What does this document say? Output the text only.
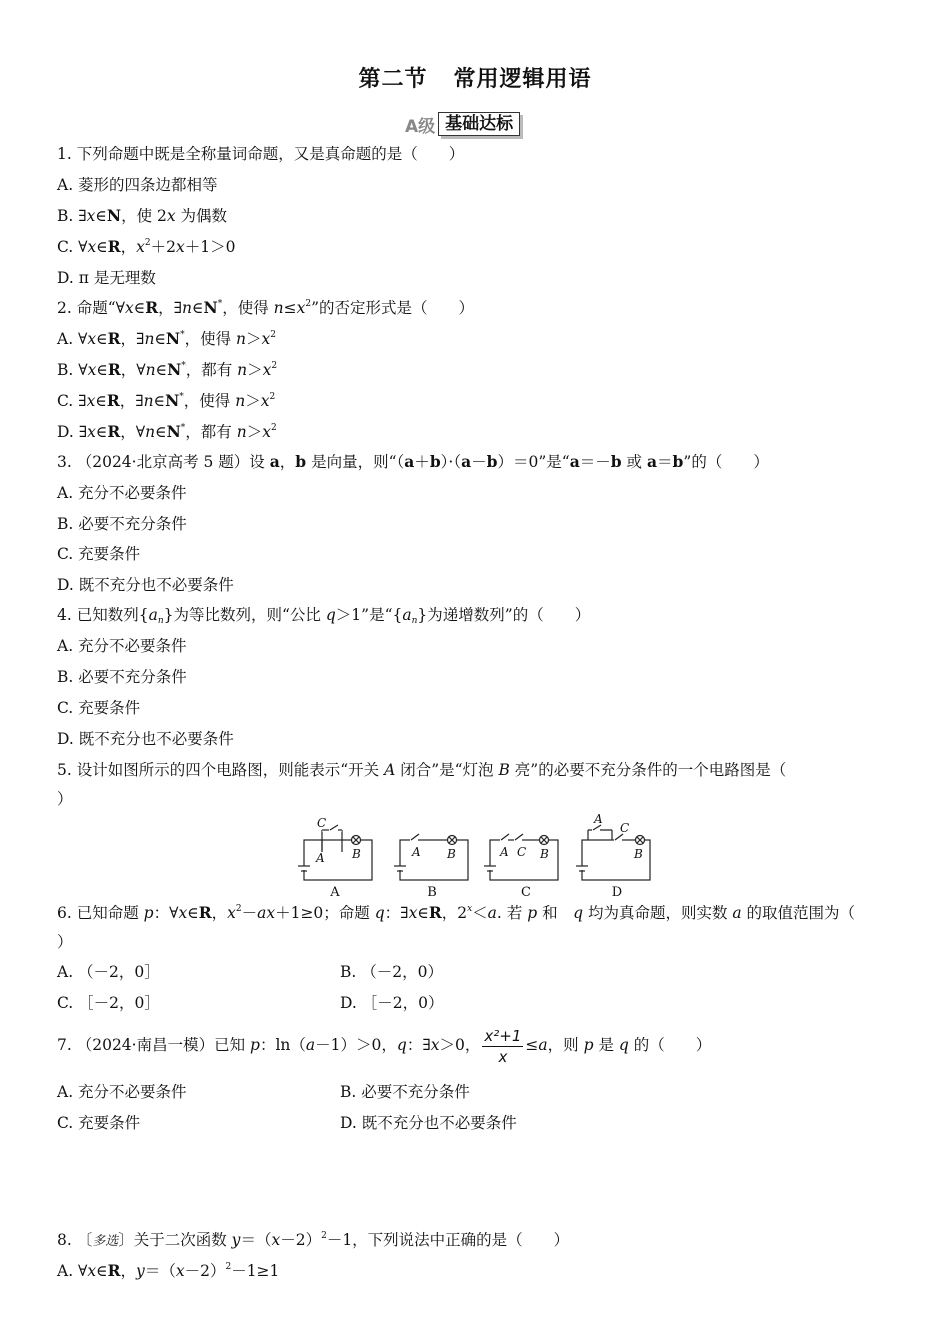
第二节 常用逻辑用语
A级 基础达标
1. 下列命题中既是全称量词命题，又是真命题的是（　　）
A. 菱形的四条边都相等
B. ∃x∈N，使 2x 为偶数
C. ∀x∈R，$x^2+2x+1>0$
D. π 是无理数
2. 命题“∀x∈R，∃n∈N*，使得 $n\le x^2$”的否定形式是（　　）
A. ∀x∈R，∃n∈N*，使得 $n>x^2$
B. ∀x∈R，∀n∈N*，都有 $n>x^2$
C. ∃x∈R，∃n∈N*，使得 $n>x^2$
D. ∃x∈R，∀n∈N*，都有 $n>x^2$
3. （2024·北京高考 5 题）设 a，b 是向量，则“（a＋b）·（a－b）＝0”是“a＝－b 或 a＝b”的（　　）
A. 充分不必要条件
B. 必要不充分条件
C. 充要条件
D. 既不充分也不必要条件
4. 已知数列$\{a_n\}$为等比数列，则“公比 q＞1”是“$\{a_n\}$为递增数列”的（　　）
A. 充分不必要条件
B. 必要不充分条件
C. 充要条件
D. 既不充分也不必要条件
5. 设计如图所示的四个电路图，则能表示“开关 A 闭合”是“灯泡 B 亮”的必要不充分条件的一个电路图是（
）
C
A B	A B	A C B
A
C
B
A	B	C	D
6. 已知命题 p：∀x∈R，$x^2-ax+1\ge 0$；命题 q：∃x∈R，$2^x<a$. 若 p 和　q 均为真命题，则实数 a 的取值范围为（
）
A. （－2，0］	B. （－2，0）
C. ［－2，0］	D. ［－2，0）
7. （2024·南昌一模）已知 p：ln（a－1）＞0，q：∃x＞0， $\frac{\text{x²+1}}{x} \le a$，则 p 是 q 的（　　）
A. 充分不必要条件	B. 必要不充分条件
C. 充要条件	D. 既不充分也不必要条件
8. 〔多选〕关于二次函数 $y=(x-2)^2-1$，下列说法中正确的是（　　）
A. ∀x∈R，$y=(x-2)^2-1\ge 1$
